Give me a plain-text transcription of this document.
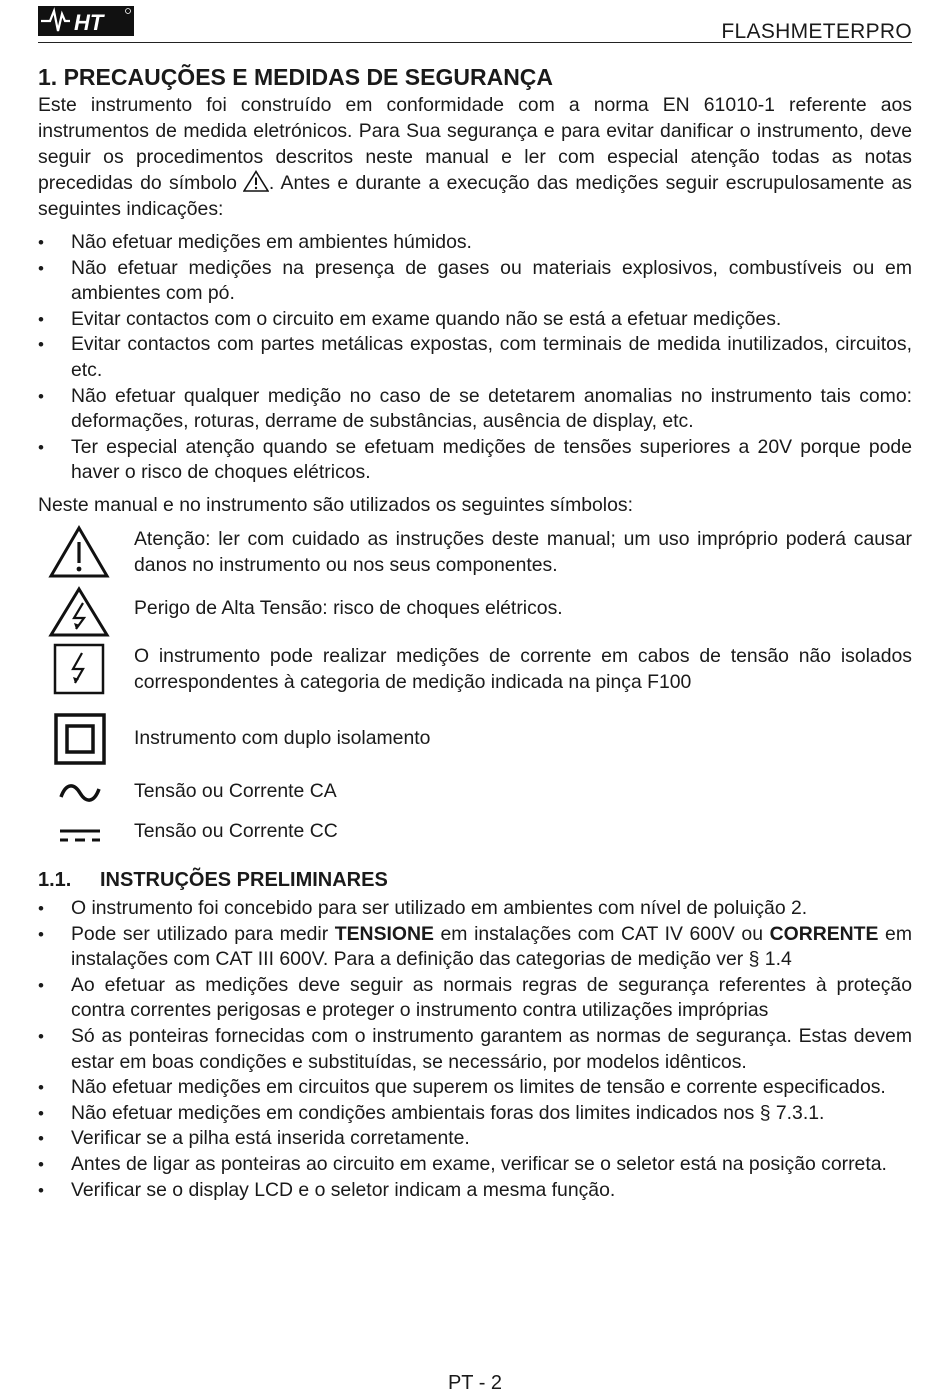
HT	FLASHMETERPRO
1. PRECAUÇÕES E MEDIDAS DE SEGURANÇA

Este instrumento foi construído em conformidade com a norma EN 61010-1 referente aos instrumentos de medida eletrónicos. Para Sua segurança e para evitar danificar o instrumento, deve seguir os procedimentos descritos neste manual e ler com especial atenção todas as notas precedidas do símbolo . Antes e durante a execução das medições seguir escrupulosamente as seguintes indicações:

• Não efetuar medições em ambientes húmidos.
• Não efetuar medições na presença de gases ou materiais explosivos, combustíveis ou em ambientes com pó.
• Evitar contactos com o circuito em exame quando não se está a efetuar medições.
• Evitar contactos com partes metálicas expostas, com terminais de medida inutilizados, circuitos, etc.
• Não efetuar qualquer medição no caso de se detetarem anomalias no instrumento tais como: deformações, roturas, derrame de substâncias, ausência de display, etc.
• Ter especial atenção quando se efetuam medições de tensões superiores a 20V porque pode haver o risco de choques elétricos.
Neste manual e no instrumento são utilizados os seguintes símbolos:
Atenção: ler com cuidado as instruções deste manual; um uso impróprio poderá causar danos no instrumento ou nos seus componentes.
Perigo de Alta Tensão: risco de choques elétricos.
O instrumento pode realizar medições de corrente em cabos de tensão não isolados correspondentes à categoria de medição indicada na pinça F100
Instrumento com duplo isolamento
Tensão ou Corrente CA
Tensão ou Corrente CC
1.1. INSTRUÇÕES PRELIMINARES
• O instrumento foi concebido para ser utilizado em ambientes com nível de poluição 2.
• Pode ser utilizado para medir TENSIONE em instalações com CAT IV 600V ou CORRENTE em instalações com CAT III 600V. Para a definição das categorias de medição ver § 1.4
• Ao efetuar as medições deve seguir as normais regras de segurança referentes à proteção contra correntes perigosas e proteger o instrumento contra utilizações impróprias
• Só as ponteiras fornecidas com o instrumento garantem as normas de segurança. Estas devem estar em boas condições e substituídas, se necessário, por modelos idênticos.
• Não efetuar medições em circuitos que superem os limites de tensão e corrente especificados.
• Não efetuar medições em condições ambientais foras dos limites indicados nos § 7.3.1.
• Verificar se a pilha está inserida corretamente.
• Antes de ligar as ponteiras ao circuito em exame, verificar se o seletor está na posição correta.
• Verificar se o display LCD e o seletor indicam a mesma função.
PT - 2
